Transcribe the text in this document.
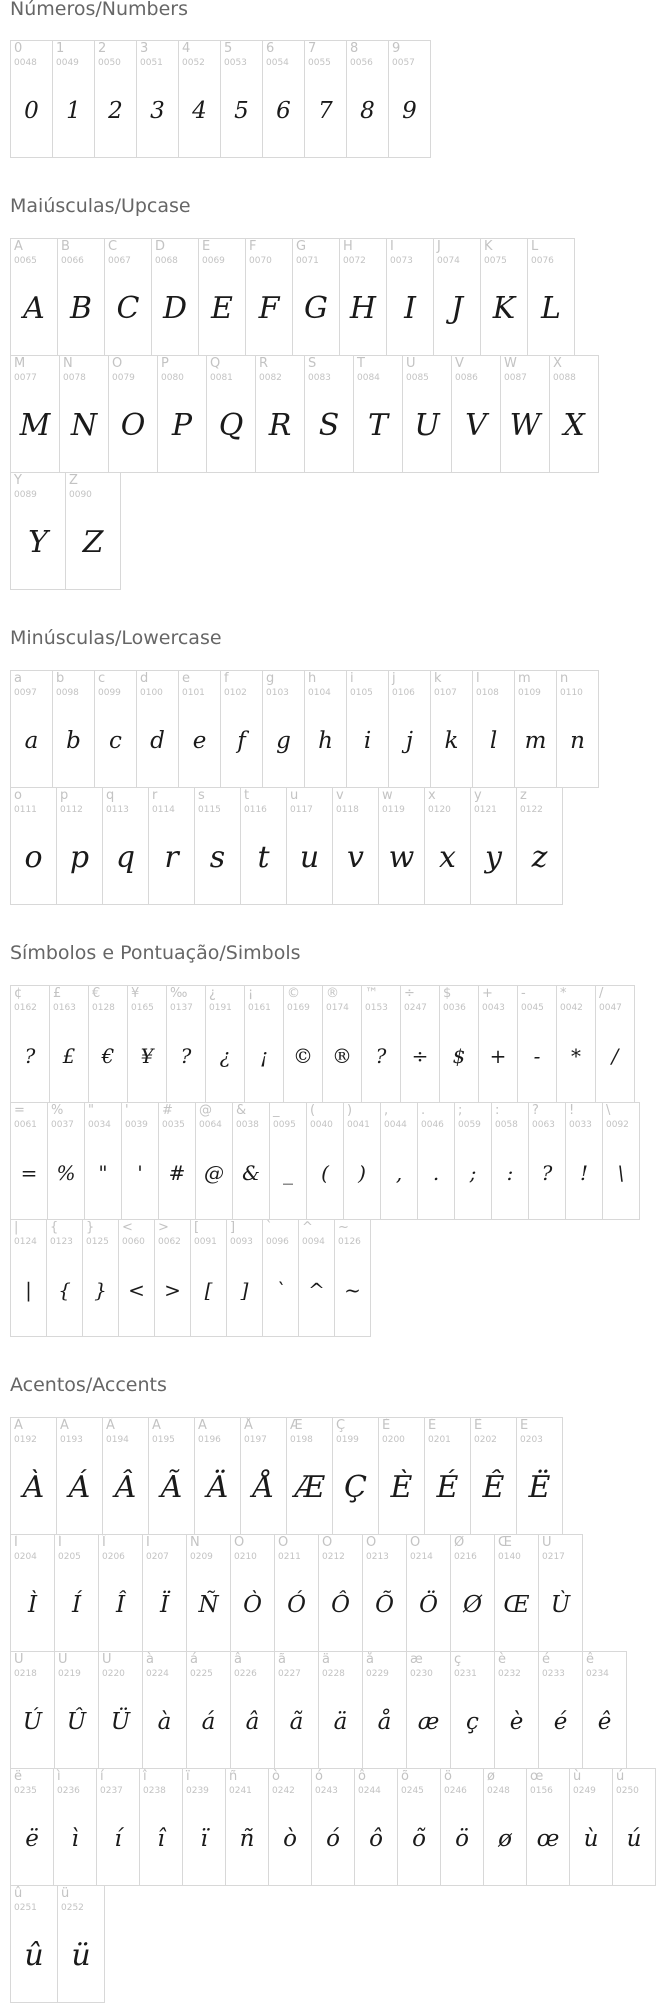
Números/Numbers
0
0048
0
1
0049
1
2
0050
2
3
0051
3
4
0052
4
5
0053
5
6
0054
6
7
0055
7
8
0056
8
9
0057
9
Maiúsculas/Upcase
A
0065
A
B
0066
B
C
0067
C
D
0068
D
E
0069
E
F
0070
F
G
0071
G
H
0072
H
I
0073
I
J
0074
J
K
0075
K
L
0076
L
M
0077
M
N
0078
N
O
0079
O
P
0080
P
Q
0081
Q
R
0082
R
S
0083
S
T
0084
T
U
0085
U
V
0086
V
W
0087
W
X
0088
X
Y
0089
Y
Z
0090
Z
Minúsculas/Lowercase
a
0097
a
b
0098
b
c
0099
c
d
0100
d
e
0101
e
f
0102
f
g
0103
g
h
0104
h
i
0105
i
j
0106
j
k
0107
k
l
0108
l
m
0109
m
n
0110
n
o
0111
o
p
0112
p
q
0113
q
r
0114
r
s
0115
s
t
0116
t
u
0117
u
v
0118
v
w
0119
w
x
0120
x
y
0121
y
z
0122
z
Símbolos e Pontuação/Simbols
¢
0162
?
£
0163
£
€
0128
€
¥
0165
¥
‰
0137
?
¿
0191
¿
¡
0161
¡
©
0169
©
®
0174
®
™
0153
?
÷
0247
÷
$
0036
$
+
0043
+
-
0045
-
*
0042
*
/
0047
/
=
0061
=
%
0037
%
"
0034
"
'
0039
'
#
0035
#
@
0064
@
&
0038
&
_
0095
_
(
0040
(
)
0041
)
,
0044
,
.
0046
.
;
0059
;
:
0058
:
?
0063
?
!
0033
!
\
0092
\
|
0124
|
{
0123
{
}
0125
}
<
0060
<
>
0062
>
[
0091
[
]
0093
]
`
0096
`
^
0094
^
~
0126
~
Acentos/Accents
À
0192
À
Á
0193
Á
Â
0194
Â
Ã
0195
Ã
Ä
0196
Ä
Å
0197
Å
Æ
0198
Æ
Ç
0199
Ç
È
0200
È
É
0201
É
Ê
0202
Ê
Ë
0203
Ë
Ì
0204
Ì
Í
0205
Í
Î
0206
Î
Ï
0207
Ï
Ñ
0209
Ñ
Ò
0210
Ò
Ó
0211
Ó
Ô
0212
Ô
Õ
0213
Õ
Ö
0214
Ö
Ø
0216
Ø
Œ
0140
Œ
Ù
0217
Ù
Ú
0218
Ú
Û
0219
Û
Ü
0220
Ü
à
0224
à
á
0225
á
â
0226
â
ã
0227
ã
ä
0228
ä
å
0229
å
æ
0230
æ
ç
0231
ç
è
0232
è
é
0233
é
ê
0234
ê
ë
0235
ë
ì
0236
ì
í
0237
í
î
0238
î
ï
0239
ï
ñ
0241
ñ
ò
0242
ò
ó
0243
ó
ô
0244
ô
õ
0245
õ
ö
0246
ö
ø
0248
ø
œ
0156
œ
ù
0249
ù
ú
0250
ú
û
0251
û
ü
0252
ü
